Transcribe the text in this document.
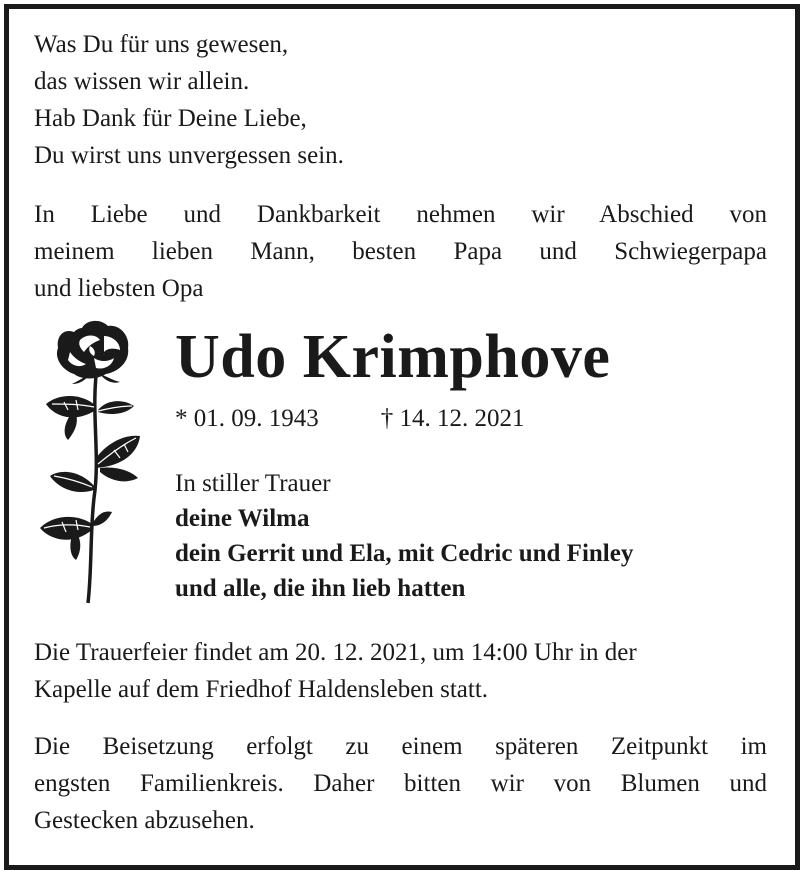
Was Du für uns gewesen,
das wissen wir allein.
Hab Dank für Deine Liebe,
Du wirst uns unvergessen sein.
In Liebe und Dankbarkeit nehmen wir Abschied von
meinem lieben Mann, besten Papa und Schwiegerpapa
und liebsten Opa
Udo Krimphove
* 01. 09. 1943 † 14. 12. 2021
In stiller Trauer
deine Wilma
dein Gerrit und Ela, mit Cedric und Finley
und alle, die ihn lieb hatten
Die Trauerfeier findet am 20. 12. 2021, um 14:00 Uhr in der
Kapelle auf dem Friedhof Haldensleben statt.
Die Beisetzung erfolgt zu einem späteren Zeitpunkt im
engsten Familienkreis. Daher bitten wir von Blumen und
Gestecken abzusehen.
